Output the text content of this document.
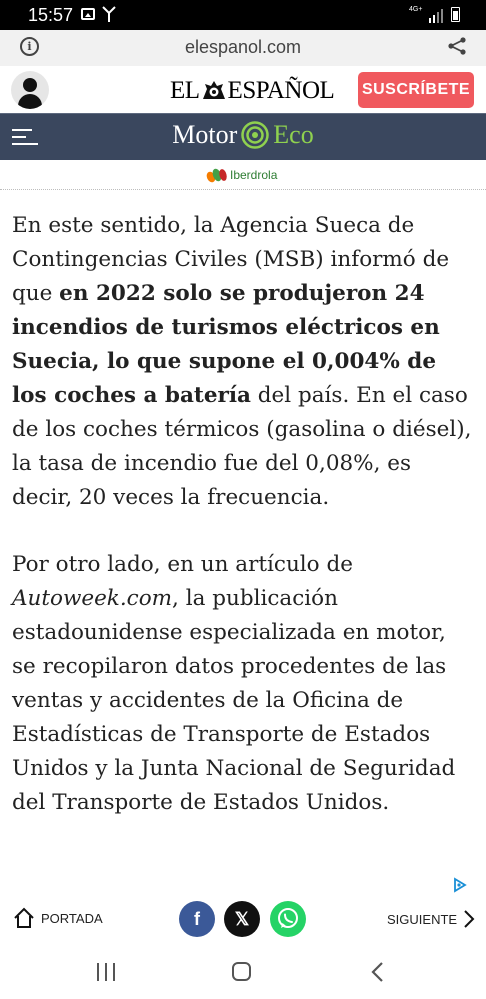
15:57	4G+
i	elespanol.com
EL ESPAÑOL SUSCRÍBETE
Motor Eco
Iberdrola

En este sentido, la Agencia Sueca de Contingencias Civiles (MSB) informó de que en 2022 solo se produjeron 24 incendios de turismos eléctricos en Suecia, lo que supone el 0,004% de los coches a batería del país. En el caso de los coches térmicos (gasolina o diésel), la tasa de incendio fue del 0,08%, es decir, 20 veces la frecuencia.

Por otro lado, en un artículo de Autoweek.com, la publicación estadounidense especializada en motor, se recopilaron datos procedentes de las ventas y accidentes de la Oficina de Estadísticas de Transporte de Estados Unidos y la Junta Nacional de Seguridad del Transporte de Estados Unidos.

PORTADA	f	𝕏	SIGUIENTE
